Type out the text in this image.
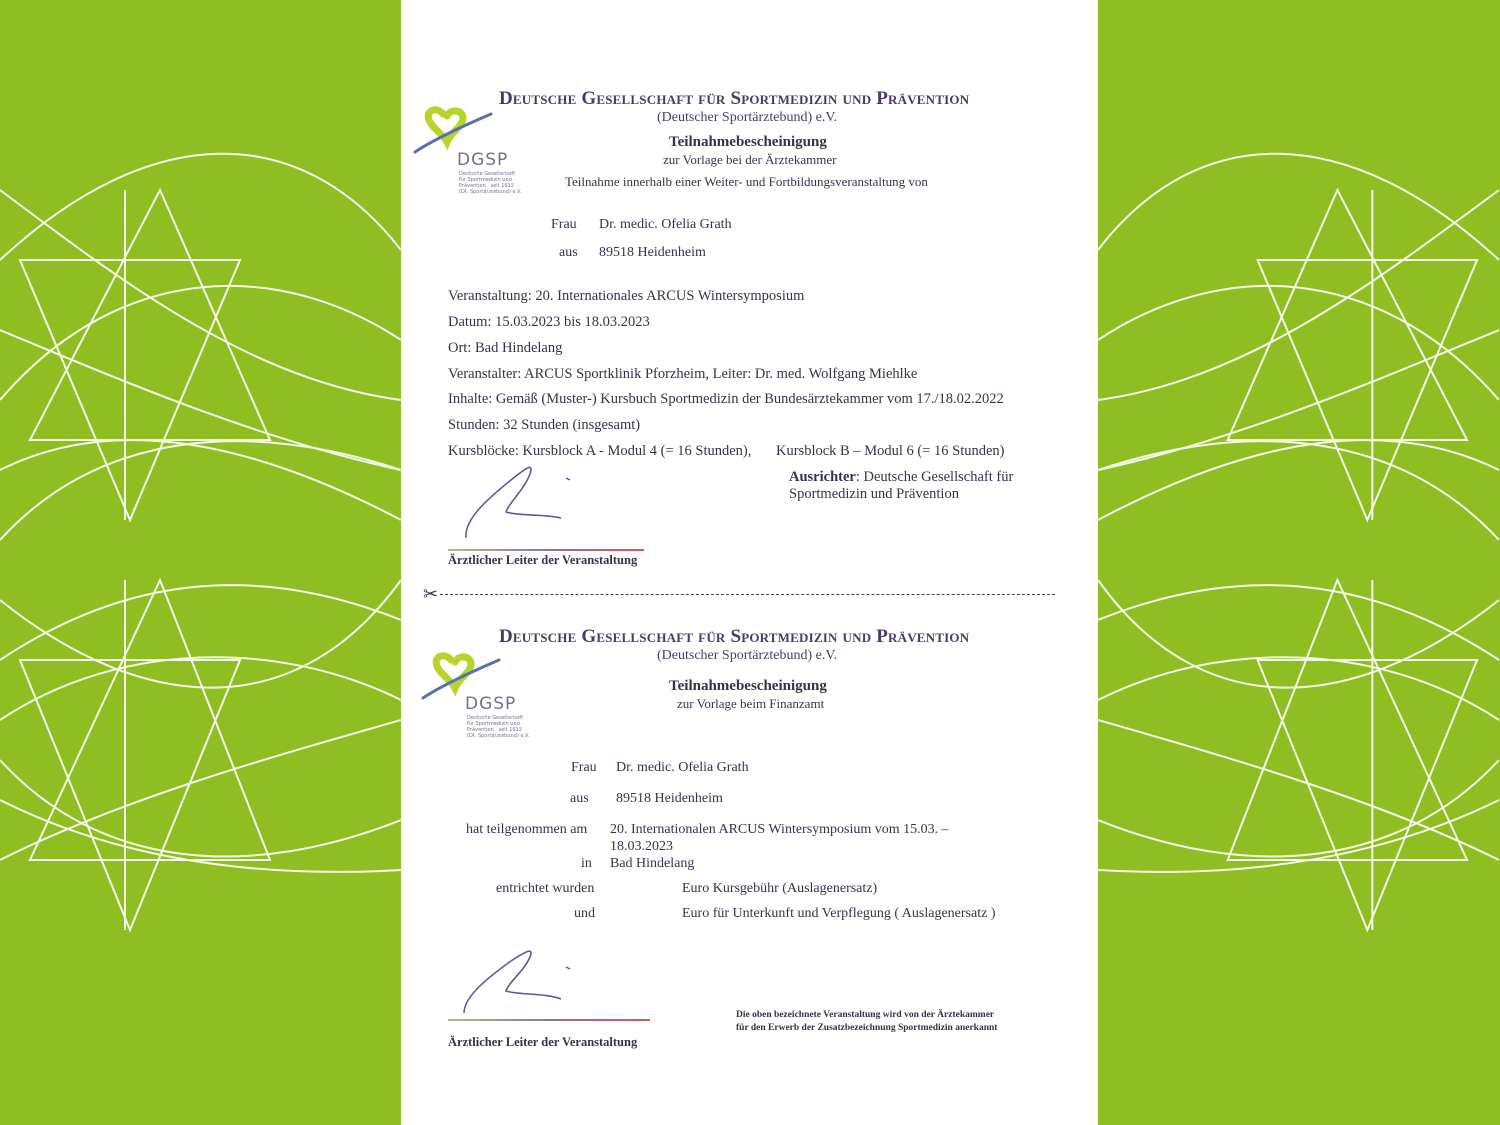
Deutsche Gesellschaft für Sportmedizin und Prävention
(Deutscher Sportärztebund) e.V.
DGSP
Deutsche Gesellschaft
für Sportmedizin und
Prävention · seit 1912
(Dt. Sportärztebund) e.V.
Teilnahmebescheinigung
zur Vorlage bei der Ärztekammer
Teilnahme innerhalb einer Weiter- und Fortbildungsveranstaltung von
Frau Dr. medic. Ofelia Grath
aus 89518 Heidenheim
Veranstaltung: 20. Internationales ARCUS Wintersymposium
Datum: 15.03.2023 bis 18.03.2023
Ort: Bad Hindelang
Veranstalter: ARCUS Sportklinik Pforzheim, Leiter: Dr. med. Wolfgang Miehlke
Inhalte: Gemäß (Muster-) Kursbuch Sportmedizin der Bundesärztekammer vom 17./18.02.2022
Stunden: 32 Stunden (insgesamt)
Kursblöcke: Kursblock A - Modul 4 (= 16 Stunden), Kursblock B – Modul 6 (= 16 Stunden)
Ausrichter: Deutsche Gesellschaft für
Sportmedizin und Prävention
Ärztlicher Leiter der Veranstaltung
✂
Deutsche Gesellschaft für Sportmedizin und Prävention
(Deutscher Sportärztebund) e.V.
DGSP
Deutsche Gesellschaft
für Sportmedizin und
Prävention · seit 1912
(Dt. Sportärztebund) e.V.
Teilnahmebescheinigung
zur Vorlage beim Finanzamt
Frau Dr. medic. Ofelia Grath
aus 89518 Heidenheim
hat teilgenommen am 20. Internationalen ARCUS Wintersymposium vom 15.03. –
18.03.2023
in Bad Hindelang
entrichtet wurden	Euro Kursgebühr (Auslagenersatz)
und	Euro für Unterkunft und Verpflegung ( Auslagenersatz )
Ärztlicher Leiter der Veranstaltung
Die oben bezeichnete Veranstaltung wird von der Ärztekammer
für den Erwerb der Zusatzbezeichnung Sportmedizin anerkannt
